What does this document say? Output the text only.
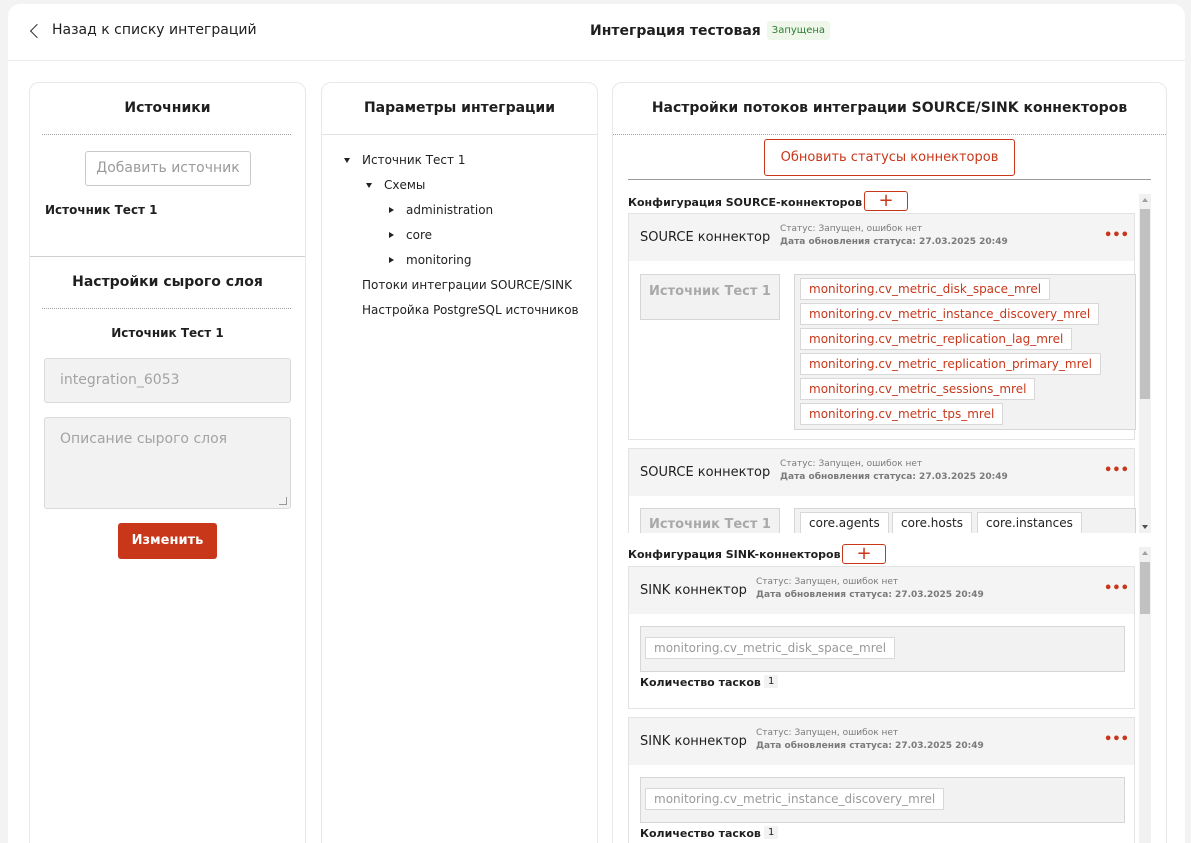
Назад к списку интеграций	Интеграция тестовая	Запущена
Источники
Добавить источник
Источник Тест 1
Настройки сырого слоя
Источник Тест 1
integration_6053
Описание сырого слоя
Изменить
Параметры интеграции
Источник Тест 1
Схемы
administration
core
monitoring
Потоки интеграции SOURCE/SINK
Настройка PostgreSQL источников
Настройки потоков интеграции SOURCE/SINK коннекторов
Обновить статусы коннекторов
Конфигурация SOURCE-коннекторов +
SOURCE коннектор
Статус: Запущен, ошибок нет
Дата обновления статуса: 27.03.2025 20:49	•••
Источник Тест 1	monitoring.cv_metric_disk_space_mrel
monitoring.cv_metric_instance_discovery_mrel
monitoring.cv_metric_replication_lag_mrel
monitoring.cv_metric_replication_primary_mrel
monitoring.cv_metric_sessions_mrel
monitoring.cv_metric_tps_mrel
SOURCE коннектор
Статус: Запущен, ошибок нет
Дата обновления статуса: 27.03.2025 20:49	•••
Источник Тест 1	core.agents	core.hosts	core.instances
Конфигурация SINK-коннекторов +
SINK коннектор
Статус: Запущен, ошибок нет
Дата обновления статуса: 27.03.2025 20:49	•••
monitoring.cv_metric_disk_space_mrel
Количество тасков 1
SINK коннектор
Статус: Запущен, ошибок нет
Дата обновления статуса: 27.03.2025 20:49	•••
monitoring.cv_metric_instance_discovery_mrel
Количество тасков 1
